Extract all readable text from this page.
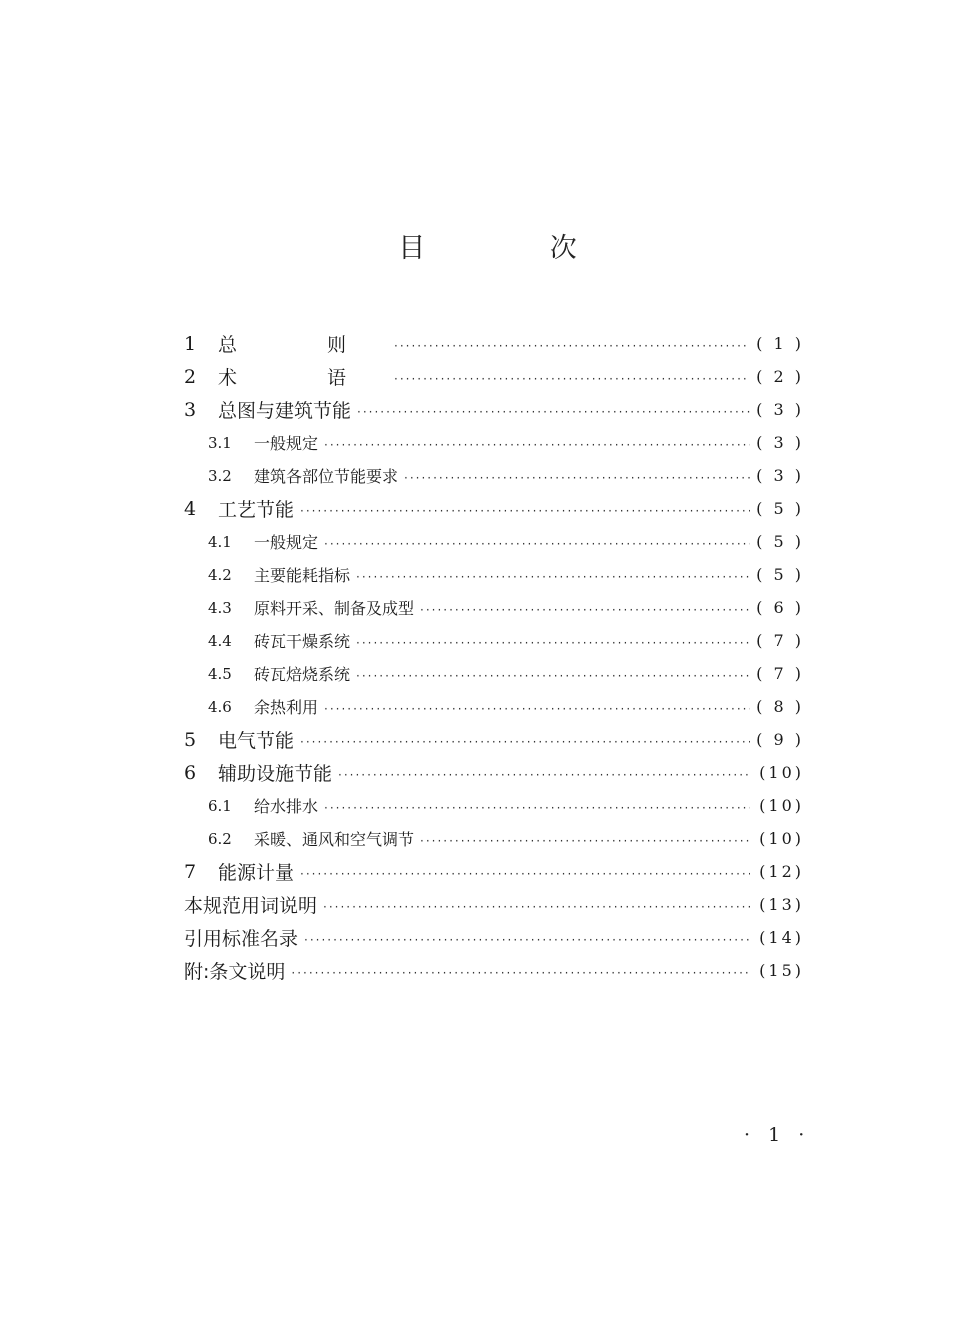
目 次
1	总 则 ·····	( 1 )
2	术 语 ·····	( 2 )
3	总图与建筑节能 ·····	( 3 )
3.1	一般规定 ·····	( 3 )
3.2	建筑各部位节能要求 ·····	( 3 )
4	工艺节能 ·····	( 5 )
4.1	一般规定 ·····	( 5 )
4.2	主要能耗指标 ·····	( 5 )
4.3	原料开采、制备及成型 ·····	( 6 )
4.4	砖瓦干燥系统 ·····	( 7 )
4.5	砖瓦焙烧系统 ·····	( 7 )
4.6	余热利用 ·····	( 8 )
5	电气节能 ·····	( 9 )
6	辅助设施节能 ·····	(10)
6.1	给水排水 ·····	(10)
6.2	采暖、通风和空气调节 ·····	(10)
7	能源计量 ·····	(12)
本规范用词说明 ·····	(13)
引用标准名录 ·····	(14)
附:条文说明 ·····	(15)
· 1 ·
